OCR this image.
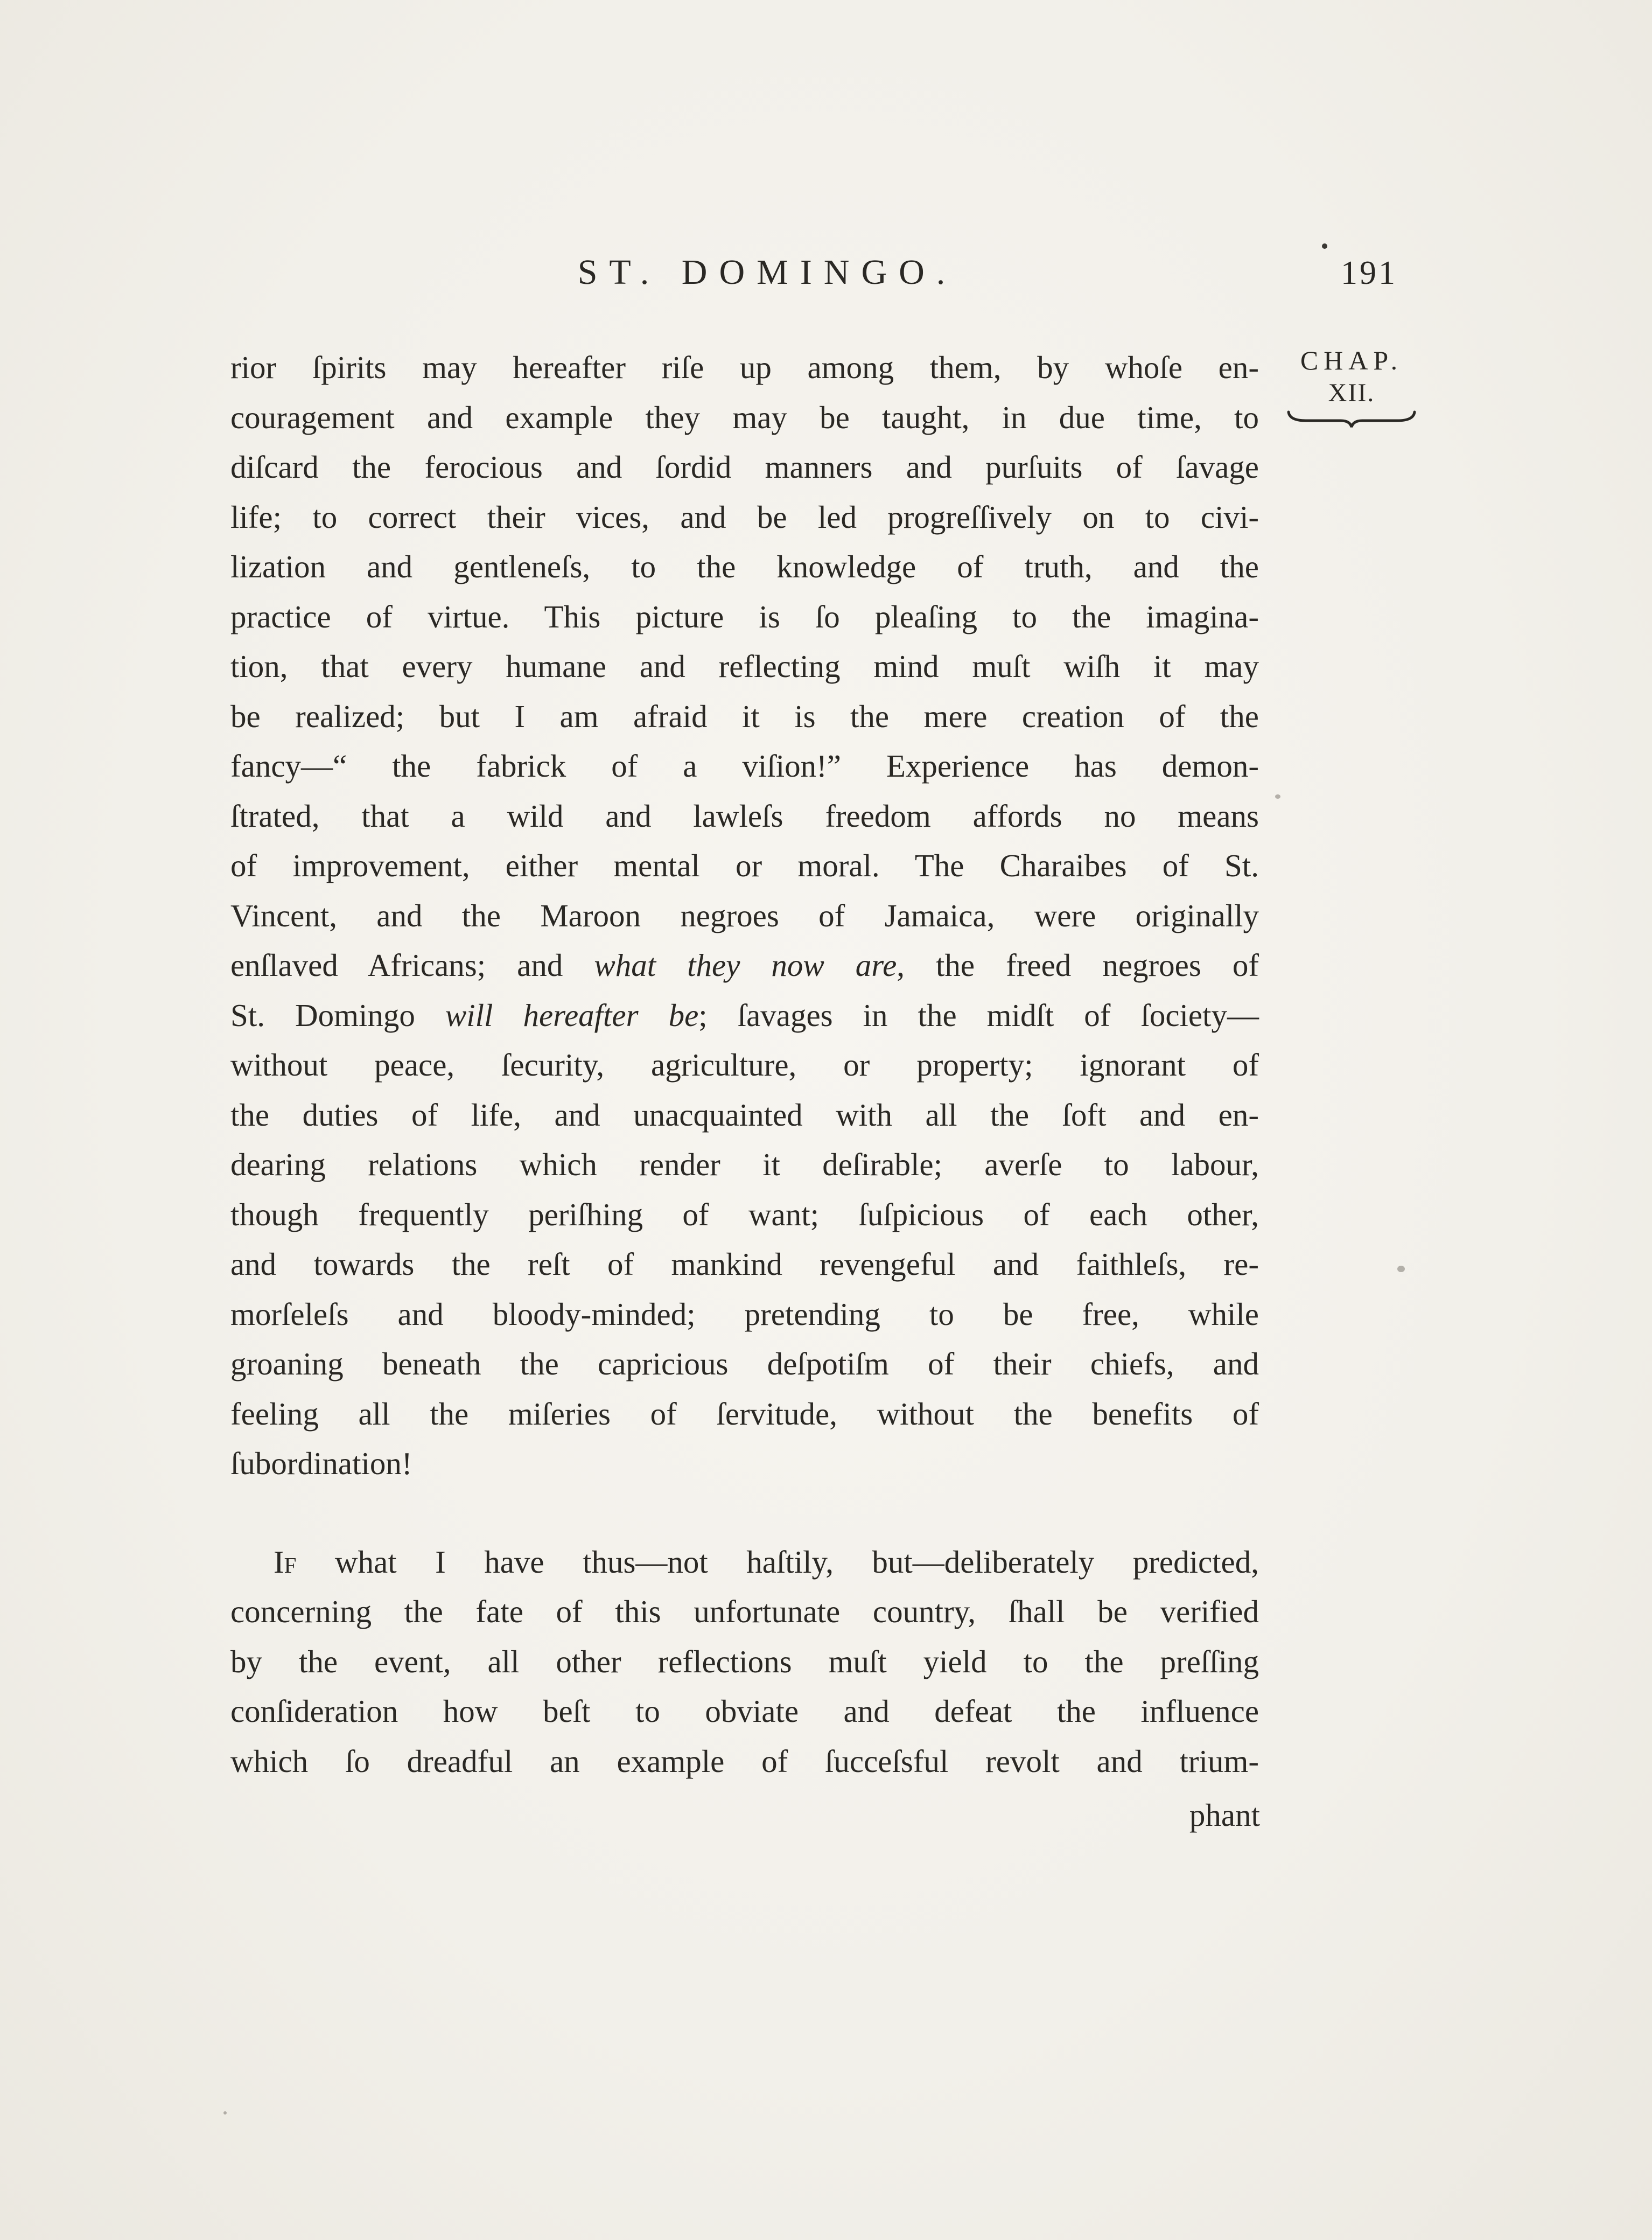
ST. DOMINGO.	191
CHAP.
XII.
rior ſpirits may hereafter riſe up among them, by whoſe en-
couragement and example they may be taught, in due time, to
diſcard the ferocious and ſordid manners and purſuits of ſavage
life; to correct their vices, and be led progreſſively on to civi-
lization and gentleneſs, to the knowledge of truth, and the
practice of virtue. This picture is ſo pleaſing to the imagina-
tion, that every humane and reflecting mind muſt wiſh it may
be realized; but I am afraid it is the mere creation of the
fancy—“ the fabrick of a viſion!” Experience has demon-
ſtrated, that a wild and lawleſs freedom affords no means
of improvement, either mental or moral. The Charaibes of St.
Vincent, and the Maroon negroes of Jamaica, were originally
enſlaved Africans; and what they now are, the freed negroes of
St. Domingo will hereafter be; ſavages in the midſt of ſociety—
without peace, ſecurity, agriculture, or property; ignorant of
the duties of life, and unacquainted with all the ſoft and en-
dearing relations which render it deſirable; averſe to labour,
though frequently periſhing of want; ſuſpicious of each other,
and towards the reſt of mankind revengeful and faithleſs, re-
morſeleſs and bloody-minded; pretending to be free, while
groaning beneath the capricious deſpotiſm of their chiefs, and
feeling all the miſeries of ſervitude, without the benefits of
ſubordination!
If what I have thus—not haſtily, but—deliberately predicted,
concerning the fate of this unfortunate country, ſhall be verified
by the event, all other reflections muſt yield to the preſſing
conſideration how beſt to obviate and defeat the influence
which ſo dreadful an example of ſucceſsful revolt and trium-
phant
